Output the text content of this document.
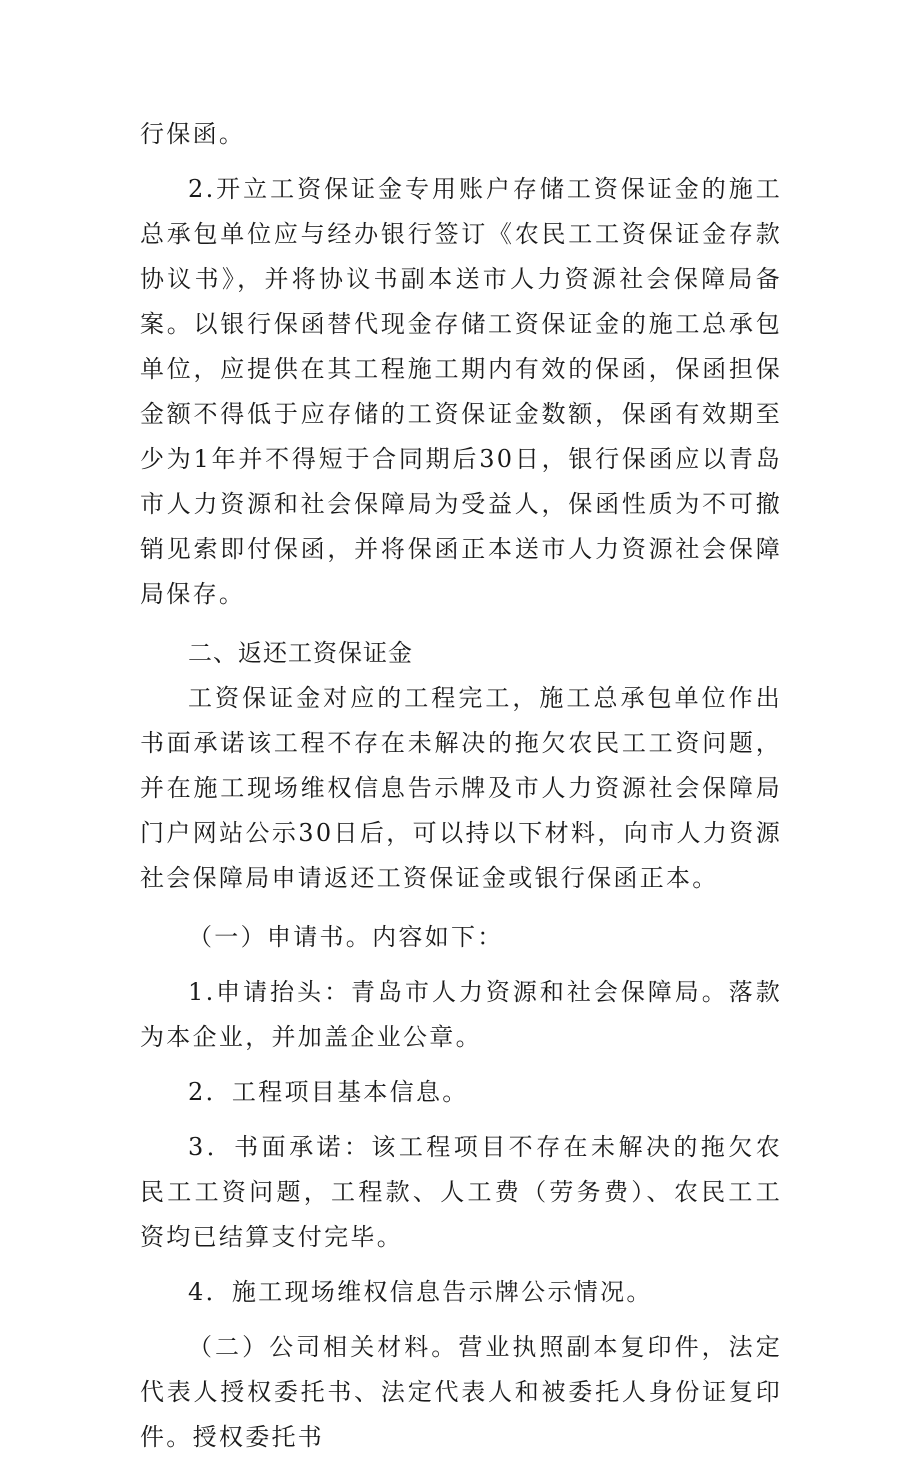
行保函。

2.开立工资保证金专用账户存储工资保证金的施工总承包单位应与经办银行签订《农民工工资保证金存款协议书》，并将协议书副本送市人力资源社会保障局备案。以银行保函替代现金存储工资保证金的施工总承包单位，应提供在其工程施工期内有效的保函，保函担保金额不得低于应存储的工资保证金数额，保函有效期至少为1年并不得短于合同期后30日，银行保函应以青岛市人力资源和社会保障局为受益人，保函性质为不可撤销见索即付保函，并将保函正本送市人力资源社会保障局保存。

二、返还工资保证金

工资保证金对应的工程完工，施工总承包单位作出书面承诺该工程不存在未解决的拖欠农民工工资问题，并在施工现场维权信息告示牌及市人力资源社会保障局门户网站公示30日后，可以持以下材料，向市人力资源社会保障局申请返还工资保证金或银行保函正本。

（一）申请书。内容如下：

1.申请抬头：青岛市人力资源和社会保障局。落款为本企业，并加盖企业公章。

2．工程项目基本信息。

3．书面承诺：该工程项目不存在未解决的拖欠农民工工资问题，工程款、人工费（劳务费）、农民工工资均已结算支付完毕。

4．施工现场维权信息告示牌公示情况。

（二）公司相关材料。营业执照副本复印件，法定代表人授权委托书、法定代表人和被委托人身份证复印件。授权委托书
